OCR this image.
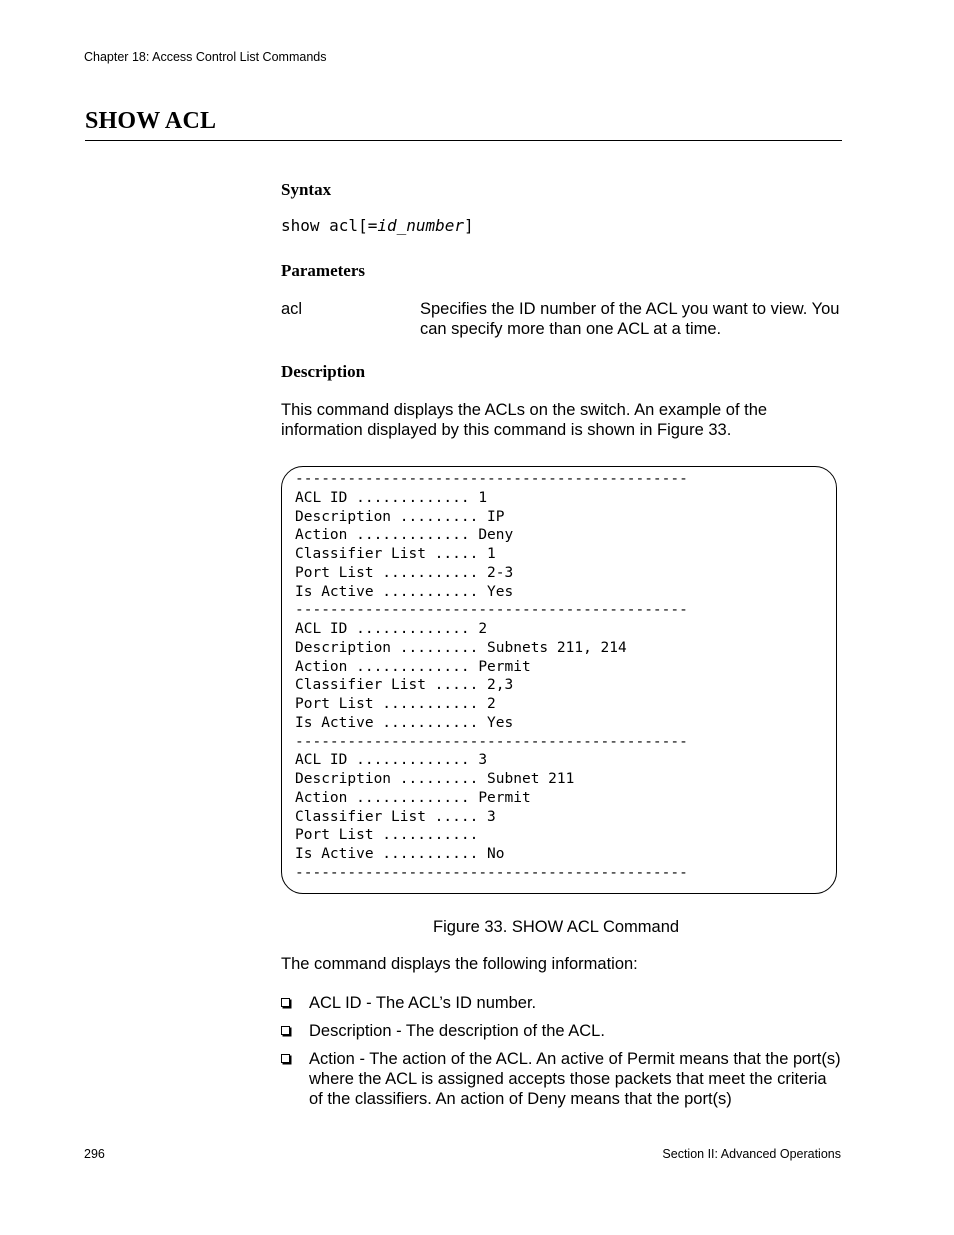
Chapter 18: Access Control List Commands
SHOW ACL
Syntax
show acl[=id_number]
Parameters
acl	Specifies the ID number of the ACL you want to view. You can specify more than one ACL at a time.
Description
This command displays the ACLs on the switch. An example of the information displayed by this command is shown in Figure 33.
---------------------------------------------
ACL ID ............. 1
Description ......... IP
Action ............. Deny
Classifier List ..... 1
Port List ........... 2-3
Is Active ........... Yes
---------------------------------------------
ACL ID ............. 2
Description ......... Subnets 211, 214
Action ............. Permit
Classifier List ..... 2,3
Port List ........... 2
Is Active ........... Yes
---------------------------------------------
ACL ID ............. 3
Description ......... Subnet 211
Action ............. Permit
Classifier List ..... 3
Port List ...........
Is Active ........... No
---------------------------------------------
Figure 33. SHOW ACL Command
The command displays the following information:
ACL ID - The ACL’s ID number.
Description - The description of the ACL.
Action - The action of the ACL. An active of Permit means that the port(s) where the ACL is assigned accepts those packets that meet the criteria of the classifiers. An action of Deny means that the port(s)
296	Section II: Advanced Operations
